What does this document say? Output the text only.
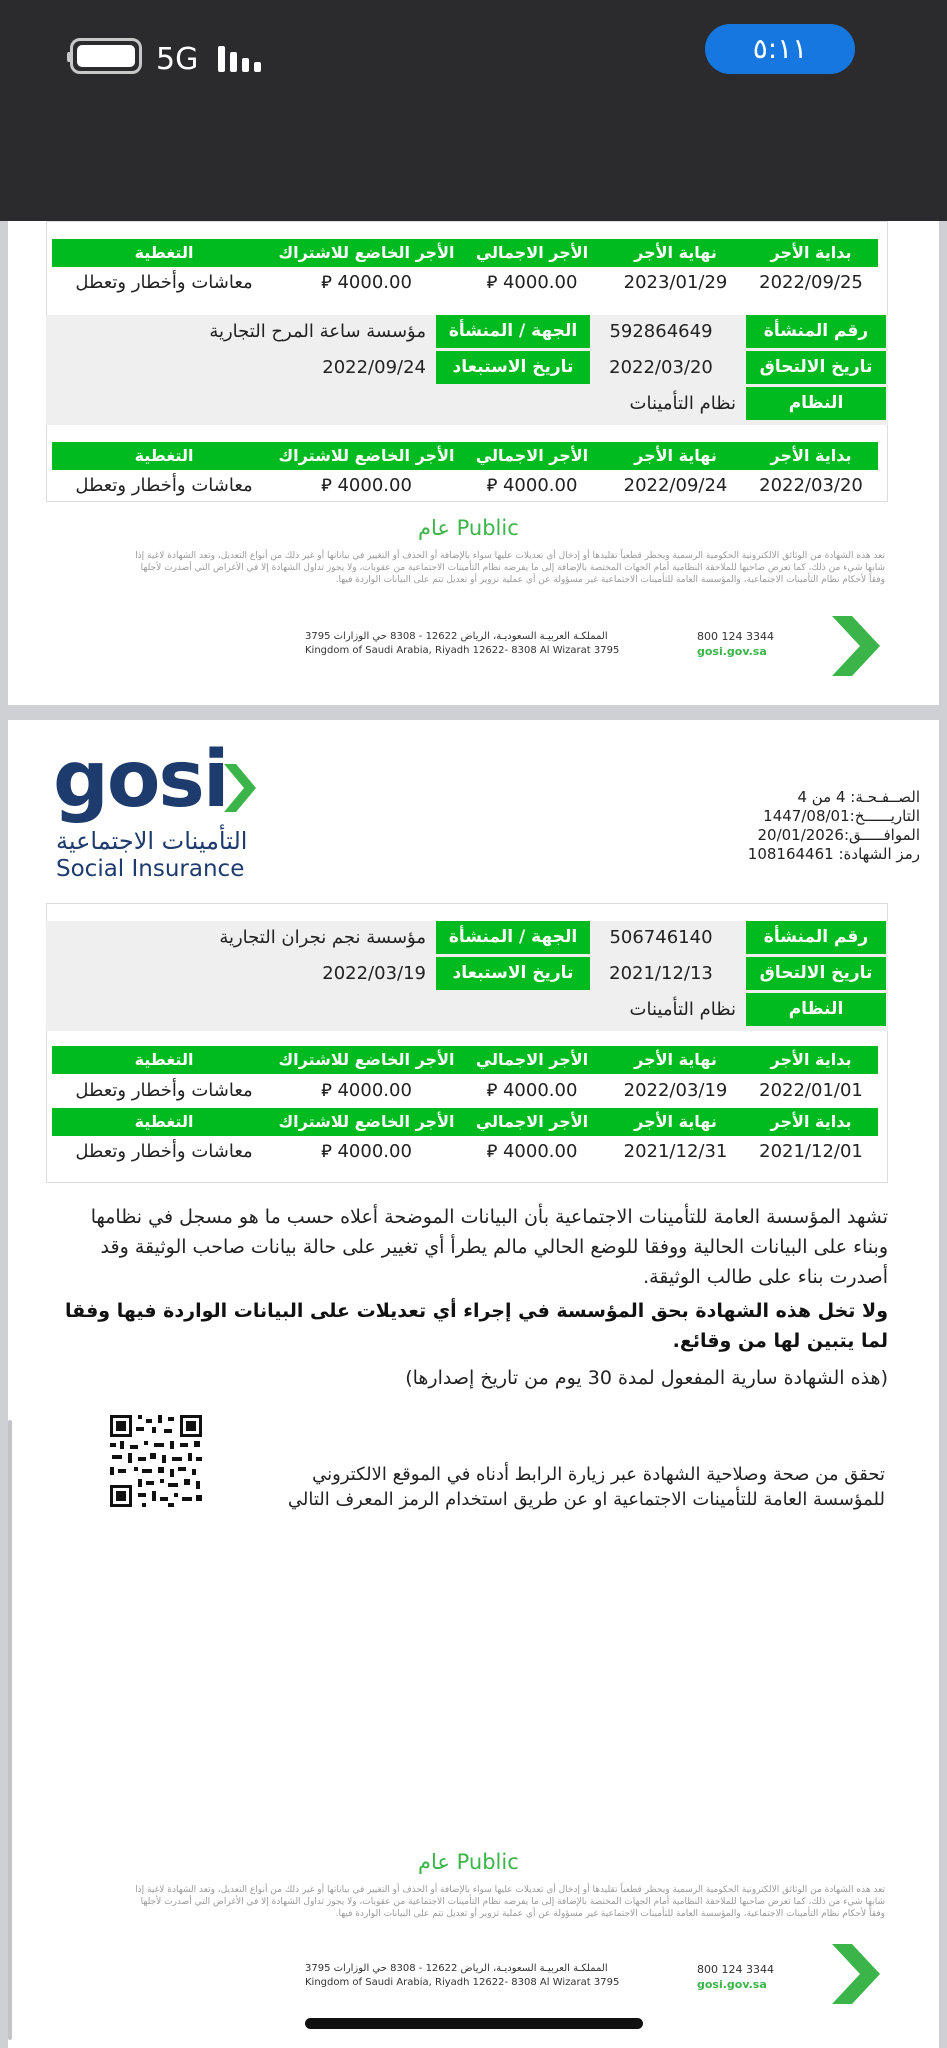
5G	٥:١١
بداية الأجر
نهاية الأجر
الأجر الاجمالي
الأجر الخاضع للاشتراك
التغطية
2022/09/25
2023/01/29
4000.00 ⃁
4000.00 ⃁
معاشات وأخطار وتعطل
رقم المنشأة
592864649
الجهة / المنشأة
مؤسسة ساعة المرح التجارية
تاريخ الالتحاق
2022/03/20
تاريخ الاستبعاد
2022/09/24
النظام
نظام التأمينات
بداية الأجر
نهاية الأجر
الأجر الاجمالي
الأجر الخاضع للاشتراك
التغطية
2022/03/20
2022/09/24
4000.00 ⃁
4000.00 ⃁
معاشات وأخطار وتعطل
عام Public
تعد هذه الشهادة من الوثائق الالكترونية الحكومية الرسمية ويحظر قطعياً تقليدها أو إدخال أي تعديلات عليها سواء بالإضافة أو الحذف أو التغيير في بياناتها أو غير ذلك من أنواع التعديل، وتعد الشهادة لاغية إذا شابها شيء من ذلك، كما تعرض صاحبها للملاحقة النظامية أمام الجهات المختصة بالإضافة إلى ما يفرضه نظام التأمينات الاجتماعية من عقوبات، ولا يجوز تداول الشهادة إلا في الأغراض التي أصدرت لأجلها وفقاً لأحكام نظام التأمينات الاجتماعية، والمؤسسة العامة للتأمينات الاجتماعية غير مسؤولة عن أي عملية تزوير أو تعديل تتم على البيانات الواردة فيها.
المملكـة العربيـة السعوديـة، الرياض 12622 - 8308 حي الوزارات 3795
Kingdom of Saudi Arabia, Riyadh 12622- 8308 Al Wizarat 3795
800 124 3344
gosi.gov.sa
gosi
التأمينات الاجتماعية
Social Insurance
الصــفـحـة: 4 من 4
التاريــــــخ:1447/08/01
الموافـــــق:20/01/2026
رمز الشهادة: 108164461
رقم المنشأة
506746140
الجهة / المنشأة
مؤسسة نجم نجران التجارية
تاريخ الالتحاق
2021/12/13
تاريخ الاستبعاد
2022/03/19
النظام
نظام التأمينات
بداية الأجر
نهاية الأجر
الأجر الاجمالي
الأجر الخاضع للاشتراك
التغطية
2022/01/01
2022/03/19
4000.00 ⃁
4000.00 ⃁
معاشات وأخطار وتعطل
بداية الأجر
نهاية الأجر
الأجر الاجمالي
الأجر الخاضع للاشتراك
التغطية
2021/12/01
2021/12/31
4000.00 ⃁
4000.00 ⃁
معاشات وأخطار وتعطل
تشهد المؤسسة العامة للتأمينات الاجتماعية بأن البيانات الموضحة أعلاه حسب ما هو مسجل في نظامها وبناء على البيانات الحالية ووفقا للوضع الحالي مالم يطرأ أي تغيير على حالة بيانات صاحب الوثيقة وقد أصدرت بناء على طالب الوثيقة.
ولا تخل هذه الشهادة بحق المؤسسة في إجراء أي تعديلات على البيانات الواردة فيها وفقا لما يتبين لها من وقائع.
(هذه الشهادة سارية المفعول لمدة 30 يوم من تاريخ إصدارها)
تحقق من صحة وصلاحية الشهادة عبر زيارة الرابط أدناه في الموقع الالكتروني للمؤسسة العامة للتأمينات الاجتماعية او عن طريق استخدام الرمز المعرف التالي
عام Public
تعد هذه الشهادة من الوثائق الالكترونية الحكومية الرسمية ويحظر قطعياً تقليدها أو إدخال أي تعديلات عليها سواء بالإضافة أو الحذف أو التغيير في بياناتها أو غير ذلك من أنواع التعديل، وتعد الشهادة لاغية إذا شابها شيء من ذلك، كما تعرض صاحبها للملاحقة النظامية أمام الجهات المختصة بالإضافة إلى ما يفرضه نظام التأمينات الاجتماعية من عقوبات، ولا يجوز تداول الشهادة إلا في الأغراض التي أصدرت لأجلها وفقاً لأحكام نظام التأمينات الاجتماعية، والمؤسسة العامة للتأمينات الاجتماعية غير مسؤولة عن أي عملية تزوير أو تعديل تتم على البيانات الواردة فيها.
المملكـة العربيـة السعوديـة، الرياض 12622 - 8308 حي الوزارات 3795
Kingdom of Saudi Arabia, Riyadh 12622- 8308 Al Wizarat 3795
800 124 3344
gosi.gov.sa
